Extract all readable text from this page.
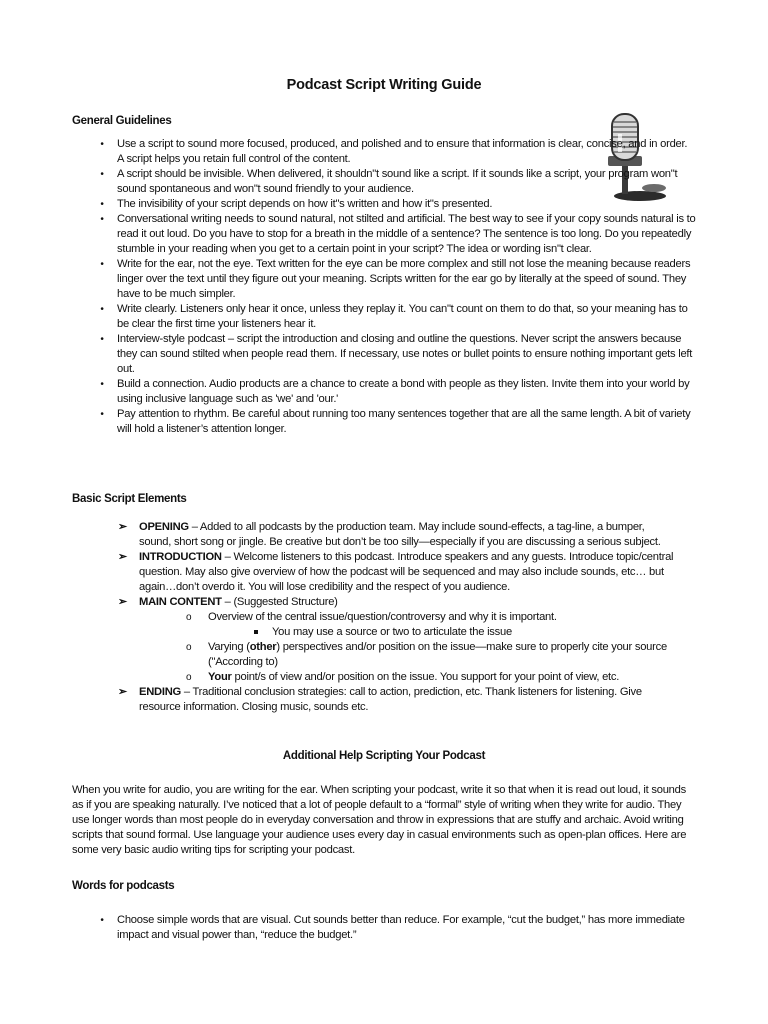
Podcast Script Writing Guide
General Guidelines
•	Use a script to sound more focused, produced, and polished and to ensure that information is clear, concise, and in order. A script helps you retain full control of the content.
•	A script should be invisible. When delivered, it shouldn"t sound like a script. If it sounds like a script, your program won"t sound spontaneous and won"t sound friendly to your audience.
•	The invisibility of your script depends on how it"s written and how it"s presented.
•	Conversational writing needs to sound natural, not stilted and artificial. The best way to see if your copy sounds natural is to read it out loud. Do you have to stop for a breath in the middle of a sentence? The sentence is too long. Do you repeatedly stumble in your reading when you get to a certain point in your script? The idea or wording isn"t clear.
•	Write for the ear, not the eye. Text written for the eye can be more complex and still not lose the meaning because readers linger over the text until they figure out your meaning. Scripts written for the ear go by literally at the speed of sound. They have to be much simpler.
•	Write clearly. Listeners only hear it once, unless they replay it. You can"t count on them to do that, so your meaning has to be clear the first time your listeners hear it.
•	Interview-style podcast – script the introduction and closing and outline the questions. Never script the answers because they can sound stilted when people read them. If necessary, use notes or bullet points to ensure nothing important gets left out.
•	Build a connection. Audio products are a chance to create a bond with people as they listen. Invite them into your world by using inclusive language such as 'we' and 'our.'
•	Pay attention to rhythm. Be careful about running too many sentences together that are all the same length. A bit of variety will hold a listener’s attention longer.
Basic Script Elements
➢ OPENING – Added to all podcasts by the production team. May include sound-effects, a tag-line, a bumper, sound, short song or jingle. Be creative but don’t be too silly—especially if you are discussing a serious subject.
➢ INTRODUCTION – Welcome listeners to this podcast. Introduce speakers and any guests. Introduce topic/central question. May also give overview of how the podcast will be sequenced and may also include sounds, etc… but again…don’t overdo it. You will lose credibility and the respect of you audience.
➢ MAIN CONTENT – (Suggested Structure)
o Overview of the central issue/question/controversy and why it is important.
You may use a source or two to articulate the issue
o Varying (other) perspectives and/or position on the issue—make sure to properly cite your source ("According to)
o Your point/s of view and/or position on the issue. You support for your point of view, etc.
➢ ENDING – Traditional conclusion strategies: call to action, prediction, etc. Thank listeners for listening. Give resource information. Closing music, sounds etc.
Additional Help Scripting Your Podcast
When you write for audio, you are writing for the ear. When scripting your podcast, write it so that when it is read out loud, it sounds as if you are speaking naturally. I’ve noticed that a lot of people default to a “formal” style of writing when they write for audio. They use longer words than most people do in everyday conversation and throw in expressions that are stuffy and archaic. Avoid writing scripts that sound formal. Use language your audience uses every day in casual environments such as open-plan offices. Here are some very basic audio writing tips for scripting your podcast.
Words for podcasts
•	Choose simple words that are visual. Cut sounds better than reduce. For example, “cut the budget,” has more immediate impact and visual power than, “reduce the budget.”
